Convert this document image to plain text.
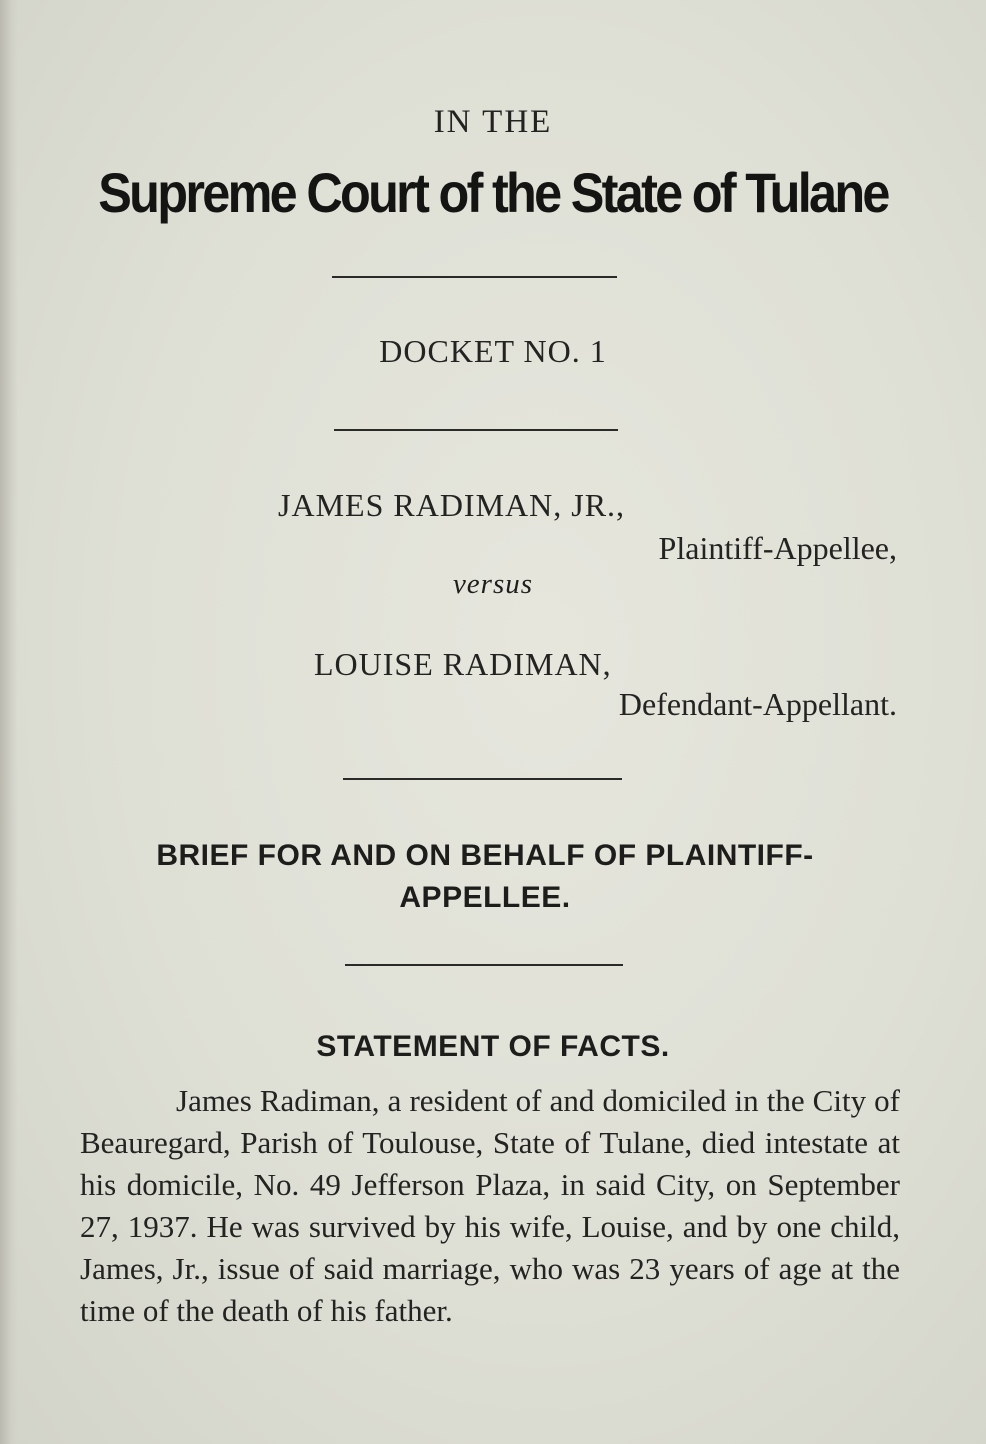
IN THE
Supreme Court of the State of Tulane
DOCKET NO. 1
JAMES RADIMAN, JR.,
Plaintiff-Appellee,
versus
LOUISE RADIMAN,
Defendant-Appellant.
BRIEF FOR AND ON BEHALF OF PLAINTIFF-APPELLEE.
STATEMENT OF FACTS.

James Radiman, a resident of and domiciled in the City of Beauregard, Parish of Toulouse, State of Tulane, died intestate at his domicile, No. 49 Jefferson Plaza, in said City, on September 27, 1937. He was survived by his wife, Louise, and by one child, James, Jr., issue of said marriage, who was 23 years of age at the time of the death of his father.
